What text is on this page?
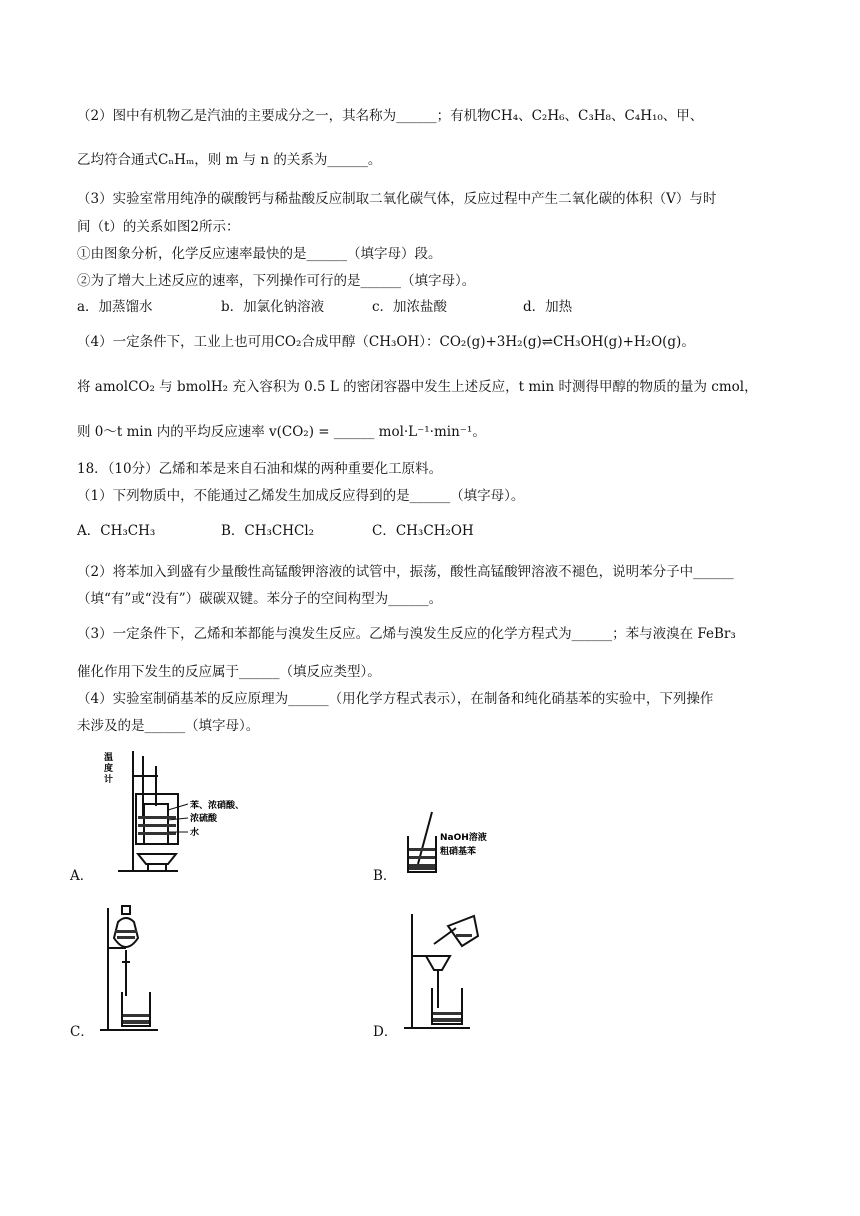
（2）图中有机物乙是汽油的主要成分之一，其名称为______；有机物CH₄、C₂H₆、C₃H₈、C₄H₁₀、甲、
乙均符合通式CₙHₘ，则 m 与 n 的关系为______。
（3）实验室常用纯净的碳酸钙与稀盐酸反应制取二氧化碳气体，反应过程中产生二氧化碳的体积（V）与时
间（t）的关系如图2所示：
①由图象分析，化学反应速率最快的是______（填字母）段。
②为了增大上述反应的速率，下列操作可行的是______（填字母）。
a．加蒸馏水	b．加氯化钠溶液	c．加浓盐酸	d．加热
（4）一定条件下，工业上也可用CO₂合成甲醇（CH₃OH）：CO₂(g)+3H₂(g)⇌CH₃OH(g)+H₂O(g)。
将 amolCO₂ 与 bmolH₂ 充入容积为 0.5 L 的密闭容器中发生上述反应，t min 时测得甲醇的物质的量为 cmol，
则 0～t min 内的平均反应速率 v(CO₂) = ______ mol·L⁻¹·min⁻¹。
18．（10分）乙烯和苯是来自石油和煤的两种重要化工原料。
（1）下列物质中，不能通过乙烯发生加成反应得到的是______（填字母）。
A．CH₃CH₃	B．CH₃CHCl₂	C．CH₃CH₂OH
（2）将苯加入到盛有少量酸性高锰酸钾溶液的试管中，振荡，酸性高锰酸钾溶液不褪色，说明苯分子中______
（填“有”或“没有”）碳碳双键。苯分子的空间构型为______。
（3）一定条件下，乙烯和苯都能与溴发生反应。乙烯与溴发生反应的化学方程式为______；苯与液溴在 FeBr₃
催化作用下发生的反应属于______（填反应类型）。
（4）实验室制硝基苯的反应原理为______（用化学方程式表示），在制备和纯化硝基苯的实验中，下列操作
未涉及的是______（填字母）。
A．
温
度
计
苯、浓硝酸、
浓硫酸
水
B．
NaOH溶液
粗硝基苯
C．	D．
